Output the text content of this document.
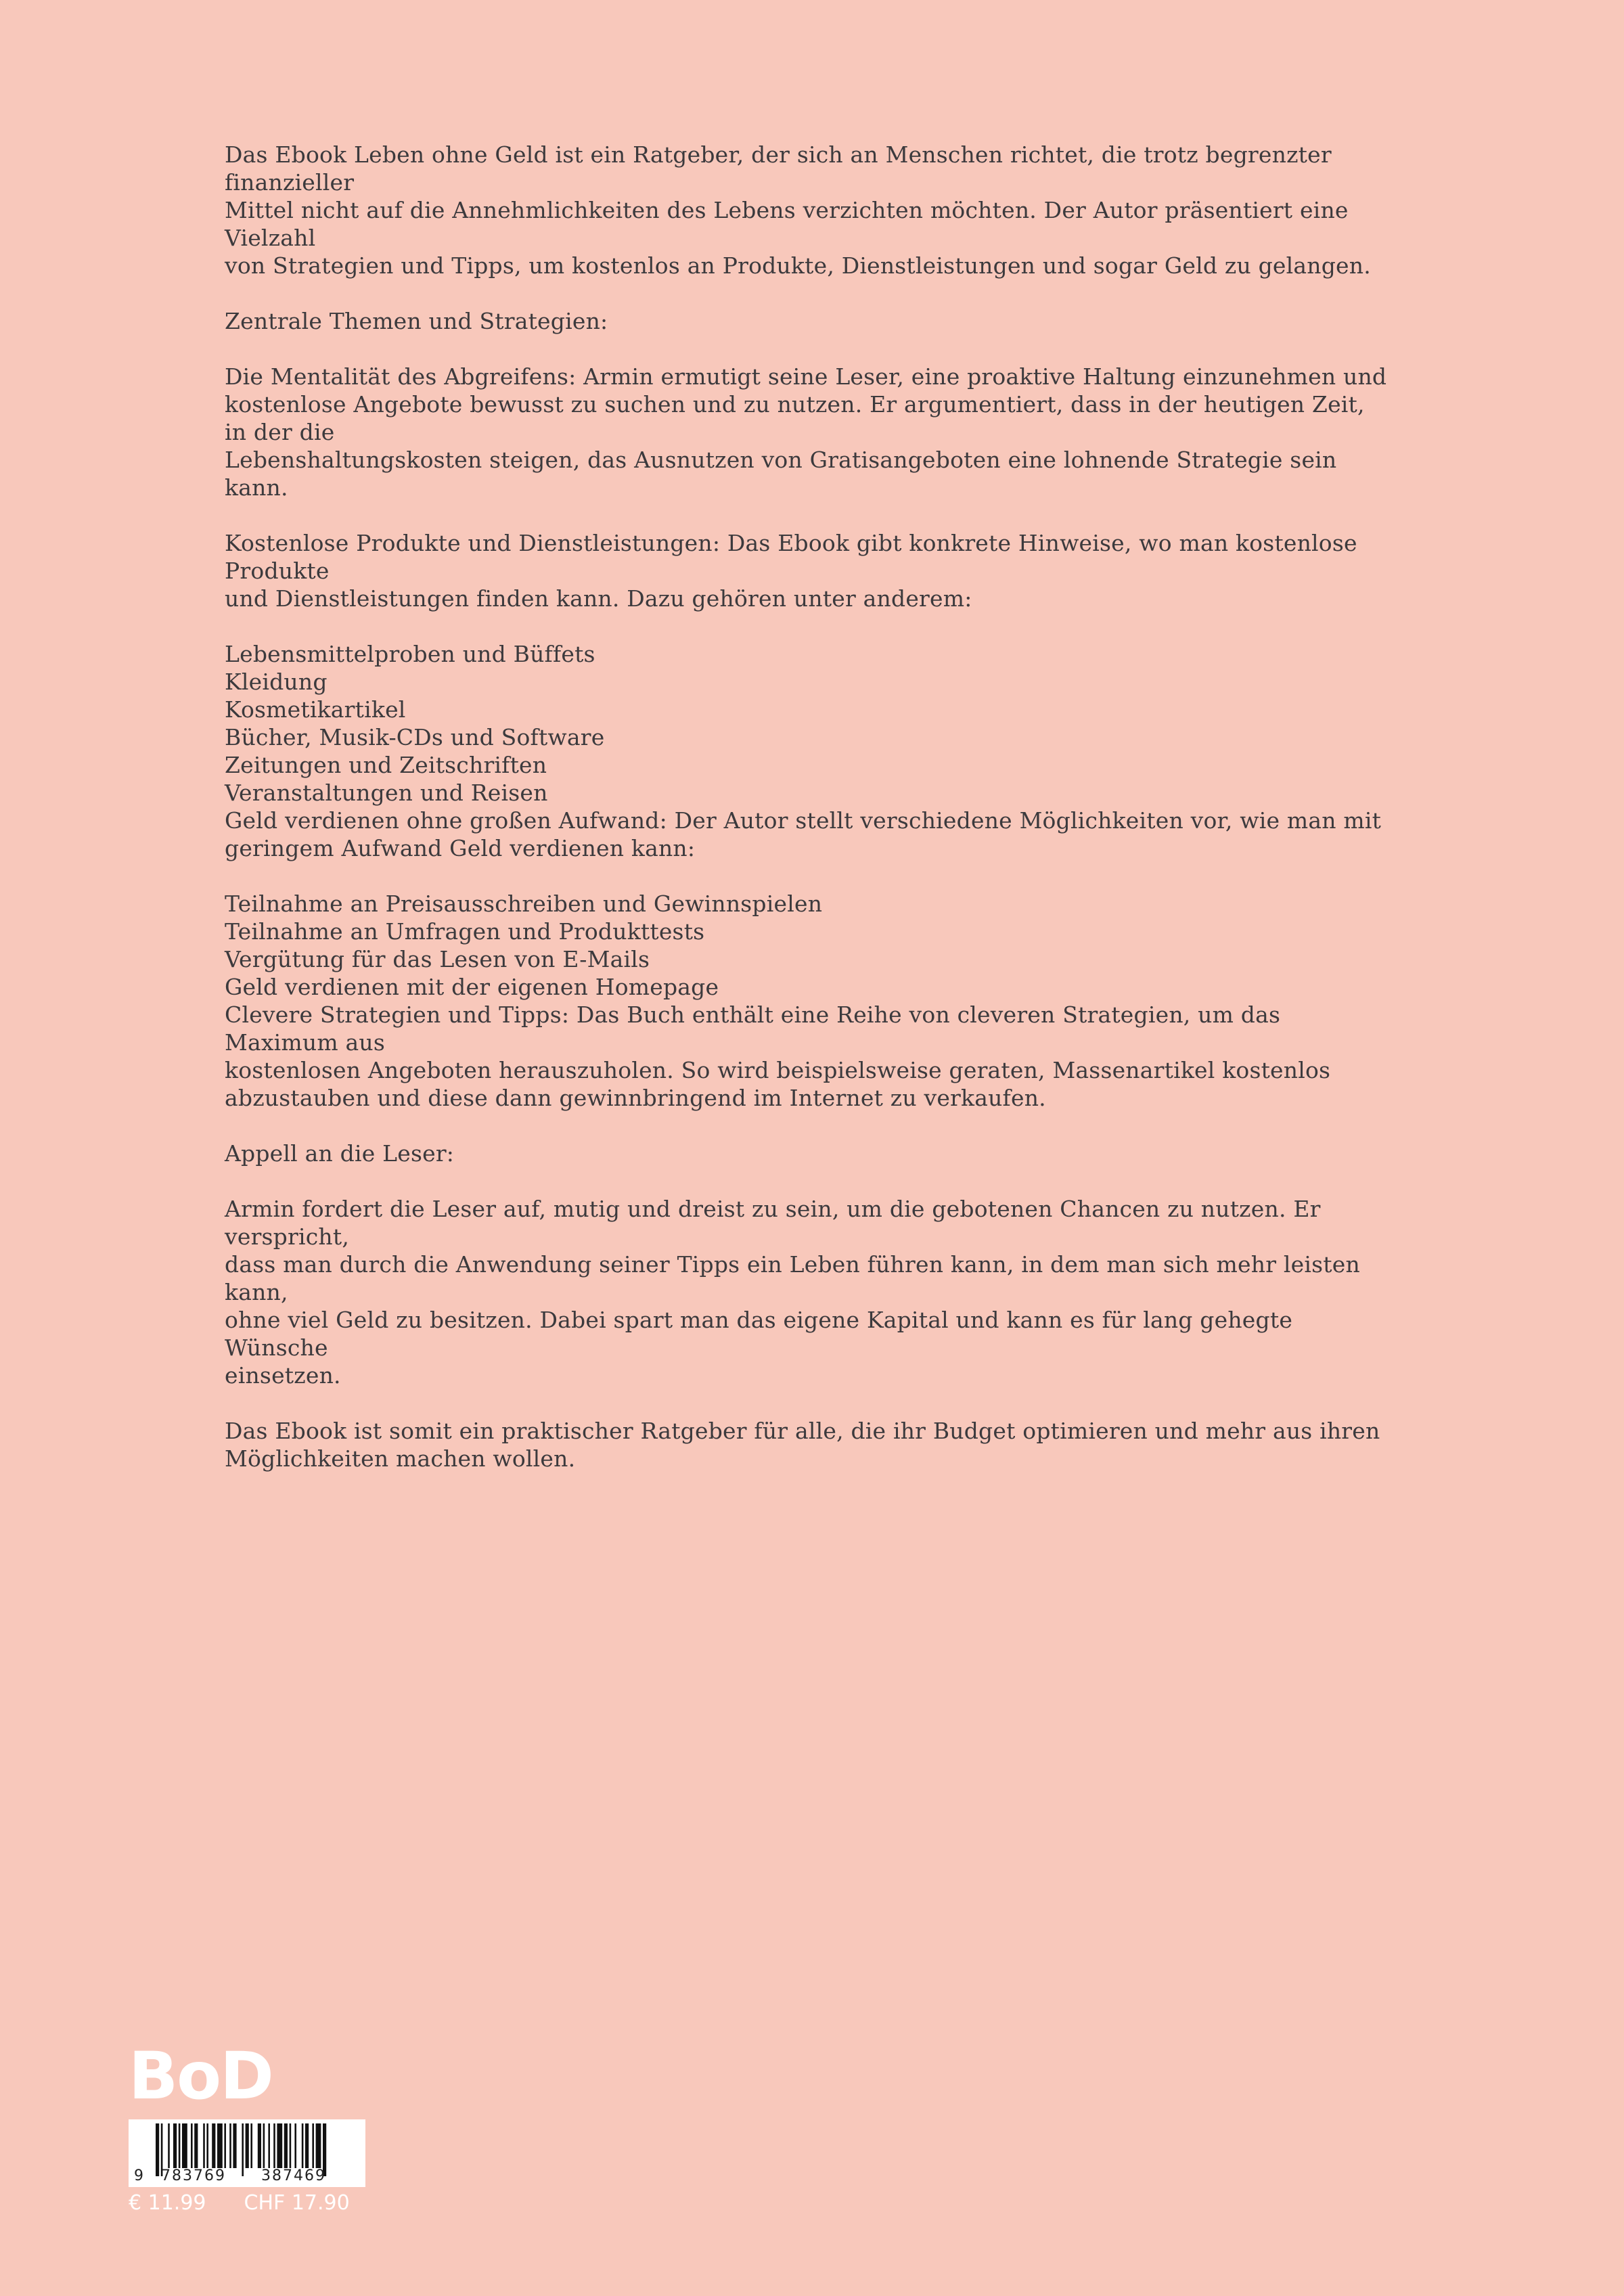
Das Ebook Leben ohne Geld ist ein Ratgeber, der sich an Menschen richtet, die trotz begrenzter finanzieller
Mittel nicht auf die Annehmlichkeiten des Lebens verzichten möchten. Der Autor präsentiert eine Vielzahl
von Strategien und Tipps, um kostenlos an Produkte, Dienstleistungen und sogar Geld zu gelangen.

Zentrale Themen und Strategien:

Die Mentalität des Abgreifens: Armin ermutigt seine Leser, eine proaktive Haltung einzunehmen und
kostenlose Angebote bewusst zu suchen und zu nutzen. Er argumentiert, dass in der heutigen Zeit, in der die
Lebenshaltungskosten steigen, das Ausnutzen von Gratisangeboten eine lohnende Strategie sein kann.

Kostenlose Produkte und Dienstleistungen: Das Ebook gibt konkrete Hinweise, wo man kostenlose Produkte
und Dienstleistungen finden kann. Dazu gehören unter anderem:

Lebensmittelproben und Büffets

Kleidung

Kosmetikartikel

Bücher, Musik-CDs und Software

Zeitungen und Zeitschriften

Veranstaltungen und Reisen

Geld verdienen ohne großen Aufwand: Der Autor stellt verschiedene Möglichkeiten vor, wie man mit
geringem Aufwand Geld verdienen kann:

Teilnahme an Preisausschreiben und Gewinnspielen

Teilnahme an Umfragen und Produkttests

Vergütung für das Lesen von E-Mails

Geld verdienen mit der eigenen Homepage

Clevere Strategien und Tipps: Das Buch enthält eine Reihe von cleveren Strategien, um das Maximum aus
kostenlosen Angeboten herauszuholen. So wird beispielsweise geraten, Massenartikel kostenlos
abzustauben und diese dann gewinnbringend im Internet zu verkaufen.

Appell an die Leser:

Armin fordert die Leser auf, mutig und dreist zu sein, um die gebotenen Chancen zu nutzen. Er verspricht,
dass man durch die Anwendung seiner Tipps ein Leben führen kann, in dem man sich mehr leisten kann,
ohne viel Geld zu besitzen. Dabei spart man das eigene Kapital und kann es für lang gehegte Wünsche
einsetzen.

Das Ebook ist somit ein praktischer Ratgeber für alle, die ihr Budget optimieren und mehr aus ihren
Möglichkeiten machen wollen.

BoD
9	783769	387469
€ 11.99 CHF 17.90
